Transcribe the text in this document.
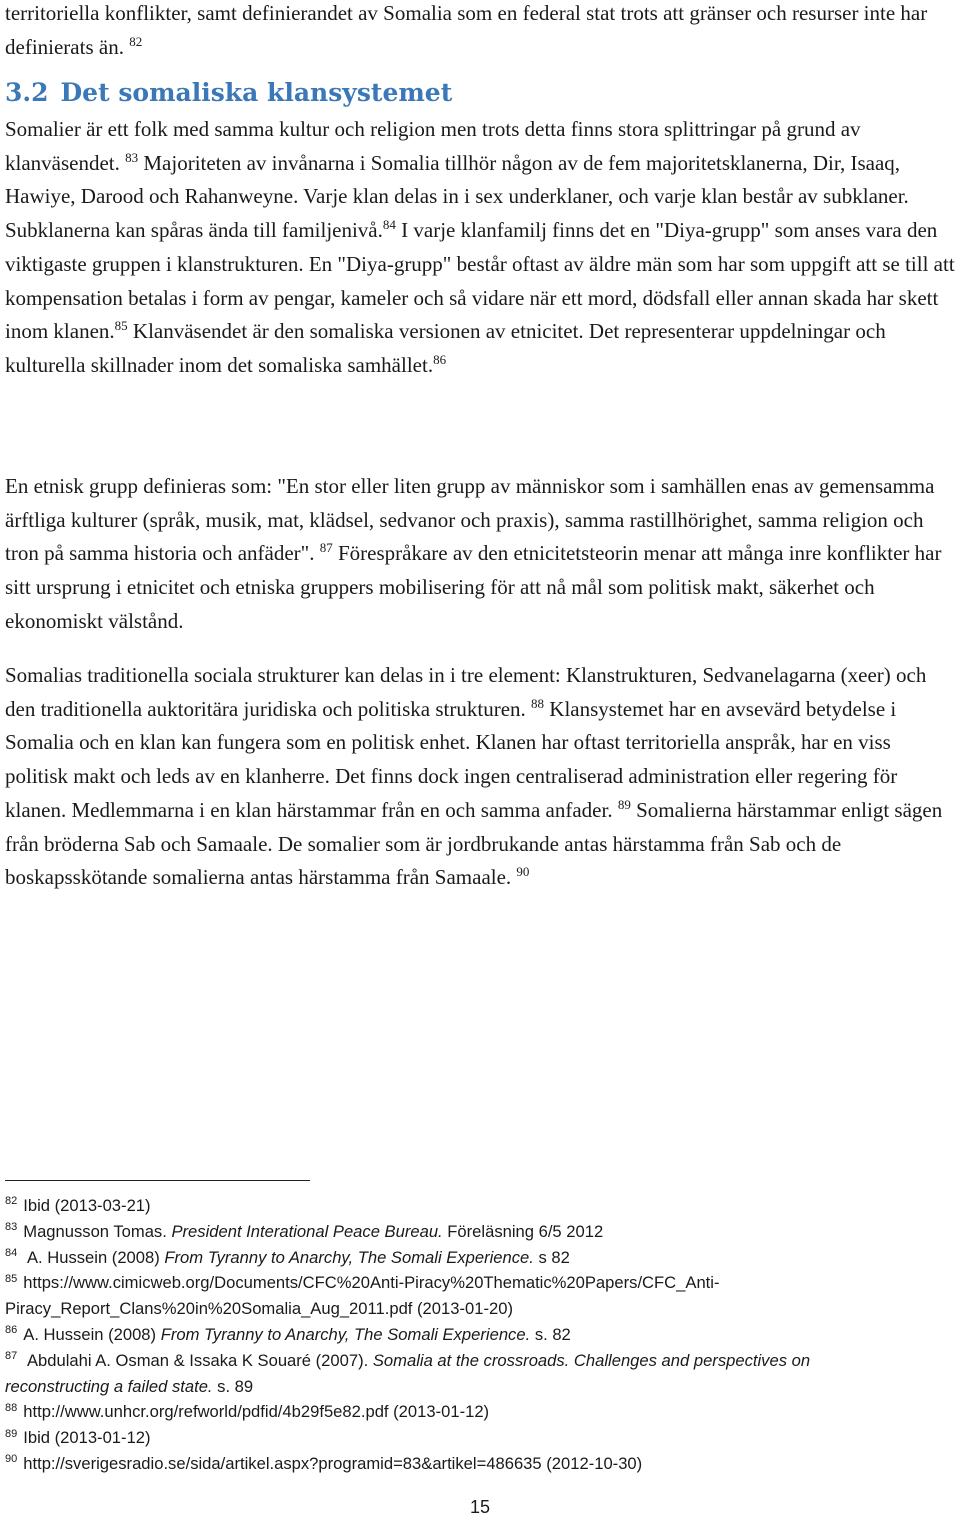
territoriella konflikter, samt definierandet av Somalia som en federal stat trots att gränser och resurser inte har definierats än. $^{82}$

3.2 Det somaliska klansystemet

Somalier är ett folk med samma kultur och religion men trots detta finns stora splittringar på grund av klanväsendet. $^{83}$ Majoriteten av invånarna i Somalia tillhör någon av de fem majoritetsklanerna, Dir, Isaaq, Hawiye, Darood och Rahanweyne. Varje klan delas in i sex underklaner, och varje klan består av subklaner. Subklanerna kan spåras ända till familjenivå.$^{84}$ I varje klanfamilj finns det en "Diya-grupp" som anses vara den viktigaste gruppen i klanstrukturen. En "Diya-grupp" består oftast av äldre män som har som uppgift att se till att kompensation betalas i form av pengar, kameler och så vidare när ett mord, dödsfall eller annan skada har skett inom klanen.$^{85}$ Klanväsendet är den somaliska versionen av etnicitet. Det representerar uppdelningar och kulturella skillnader inom det somaliska samhället.$^{86}$

En etnisk grupp definieras som: "En stor eller liten grupp av människor som i samhällen enas av gemensamma ärftliga kulturer (språk, musik, mat, klädsel, sedvanor och praxis), samma rastillhörighet, samma religion och tron på samma historia och anfäder". $^{87}$ Förespråkare av den etnicitetsteorin menar att många inre konflikter har sitt ursprung i etnicitet och etniska gruppers mobilisering för att nå mål som politisk makt, säkerhet och ekonomiskt välstånd.

Somalias traditionella sociala strukturer kan delas in i tre element: Klanstrukturen, Sedvanelagarna (xeer) och den traditionella auktoritära juridiska och politiska strukturen. $^{88}$ Klansystemet har en avsevärd betydelse i Somalia och en klan kan fungera som en politisk enhet. Klanen har oftast territoriella anspråk, har en viss politisk makt och leds av en klanherre. Det finns dock ingen centraliserad administration eller regering för klanen. Medlemmarna i en klan härstammar från en och samma anfader. $^{89}$ Somalierna härstammar enligt sägen från bröderna Sab och Samaale. De somalier som är jordbrukande antas härstamma från Sab och de boskapsskötande somalierna antas härstamma från Samaale. $^{90}$

$^{82}$ Ibid (2013-03-21)

$^{83}$ Magnusson Tomas. President Interational Peace Bureau. Föreläsning 6/5 2012

$^{84}$ A. Hussein (2008) From Tyranny to Anarchy, The Somali Experience. s 82

$^{85}$ https://www.cimicweb.org/Documents/CFC%20Anti-Piracy%20Thematic%20Papers/CFC_Anti-

Piracy_Report_Clans%20in%20Somalia_Aug_2011.pdf (2013-01-20)

$^{86}$ A. Hussein (2008) From Tyranny to Anarchy, The Somali Experience. s. 82

$^{87}$ Abdulahi A. Osman & Issaka K Souaré (2007). Somalia at the crossroads. Challenges and perspectives on

reconstructing a failed state. s. 89

$^{88}$ http://www.unhcr.org/refworld/pdfid/4b29f5e82.pdf (2013-01-12)

$^{89}$ Ibid (2013-01-12)

$^{90}$ http://sverigesradio.se/sida/artikel.aspx?programid=83&artikel=486635 (2012-10-30)

15
